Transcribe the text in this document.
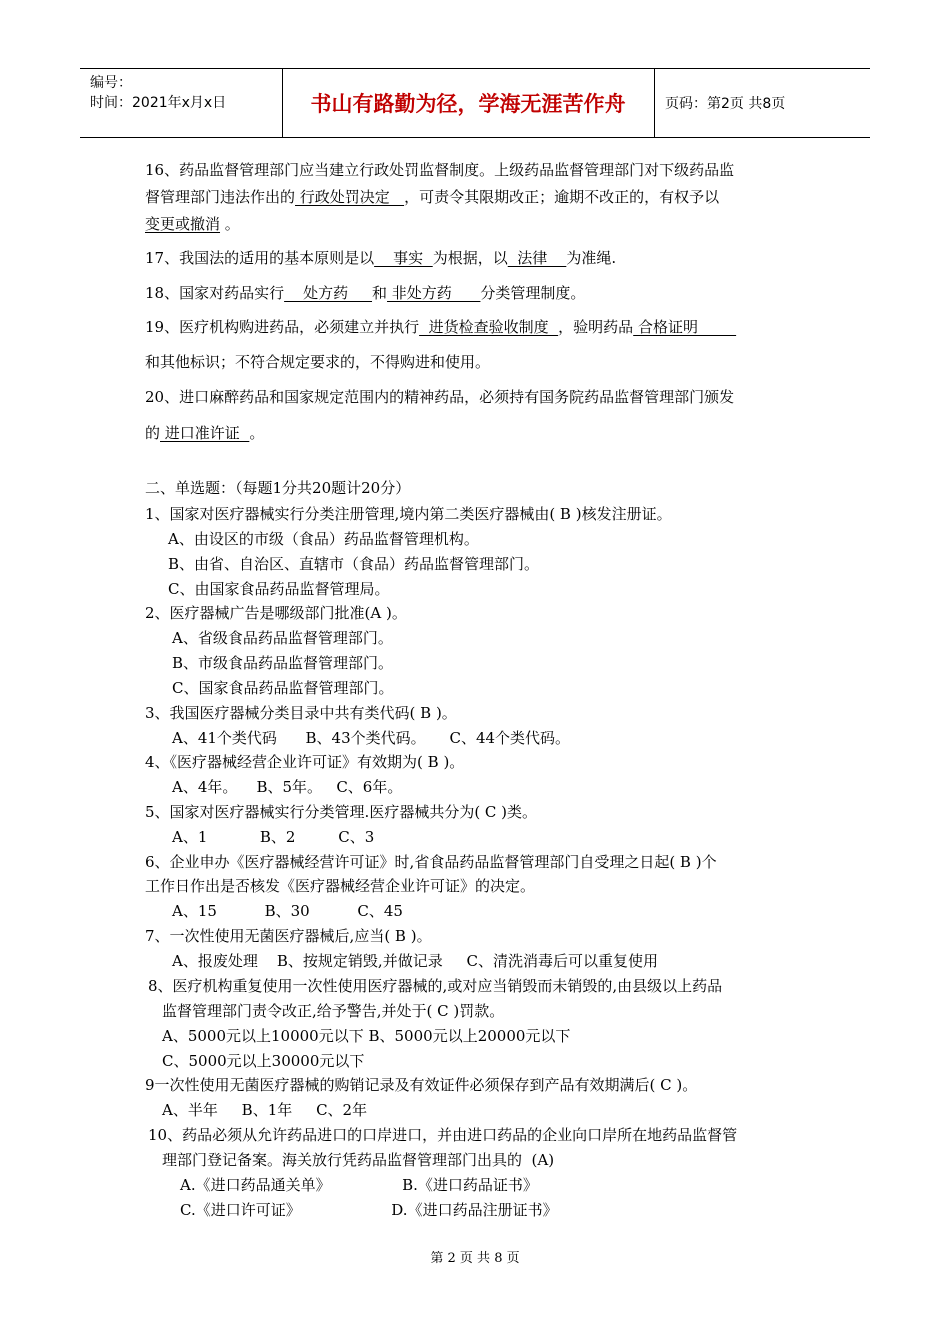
编号：
时间：2021年x月x日	书山有路勤为径，学海无涯苦作舟	页码：第2页 共8页
16、药品监督管理部门应当建立行政处罚监督制度。上级药品监督管理部门对下级药品监
督管理部门违法作出的 行政处罚决定   ，可责令其限期改正；逾期不改正的，有权予以
变更或撤消 。
17、我国法的适用的基本原则是以    事实  为根据，以  法律    为准绳.
18、国家对药品实行    处方药     和 非处方药      分类管理制度。
19、医疗机构购进药品，必须建立并执行  进货检查验收制度  ，验明药品 合格证明
和其他标识；不符合规定要求的，不得购进和使用。
20、进口麻醉药品和国家规定范围内的精神药品，必须持有国务院药品监督管理部门颁发
的 进口准许证  。
二、单选题：（每题1分共20题计20分）
1、国家对医疗器械实行分类注册管理,境内第二类医疗器械由( B )核发注册证。
A、由设区的市级（食品）药品监督管理机构。
B、由省、自治区、直辖市（食品）药品监督管理部门。
C、由国家食品药品监督管理局。
2、医疗器械广告是哪级部门批准(A )。
A、省级食品药品监督管理部门。
B、市级食品药品监督管理部门。
C、国家食品药品监督管理部门。
3、我国医疗器械分类目录中共有类代码( B )。
A、41个类代码      B、43个类代码。     C、44个类代码。
4、《医疗器械经营企业许可证》有效期为( B )。
A、4年。    B、5年。   C、6年。
5、国家对医疗器械实行分类管理.医疗器械共分为( C )类。
A、1           B、2         C、3
6、企业申办《医疗器械经营许可证》时,省食品药品监督管理部门自受理之日起( B )个
工作日作出是否核发《医疗器械经营企业许可证》的决定。
A、15          B、30          C、45
7、一次性使用无菌医疗器械后,应当( B )。
A、报废处理    B、按规定销毁,并做记录     C、清洗消毒后可以重复使用
8、医疗机构重复使用一次性使用医疗器械的,或对应当销毁而未销毁的,由县级以上药品
监督管理部门责令改正,给予警告,并处于( C )罚款。
A、5000元以上10000元以下 B、5000元以上20000元以下
C、5000元以上30000元以下
9一次性使用无菌医疗器械的购销记录及有效证件必须保存到产品有效期满后( C )。
A、半年     B、1年     C、2年
10、药品必须从允许药品进口的口岸进口，并由进口药品的企业向口岸所在地药品监督管
理部门登记备案。海关放行凭药品监督管理部门出具的  (A)
A.《进口药品通关单》               B.《进口药品证书》
C.《进口许可证》                   D.《进口药品注册证书》
第 2 页 共 8 页
